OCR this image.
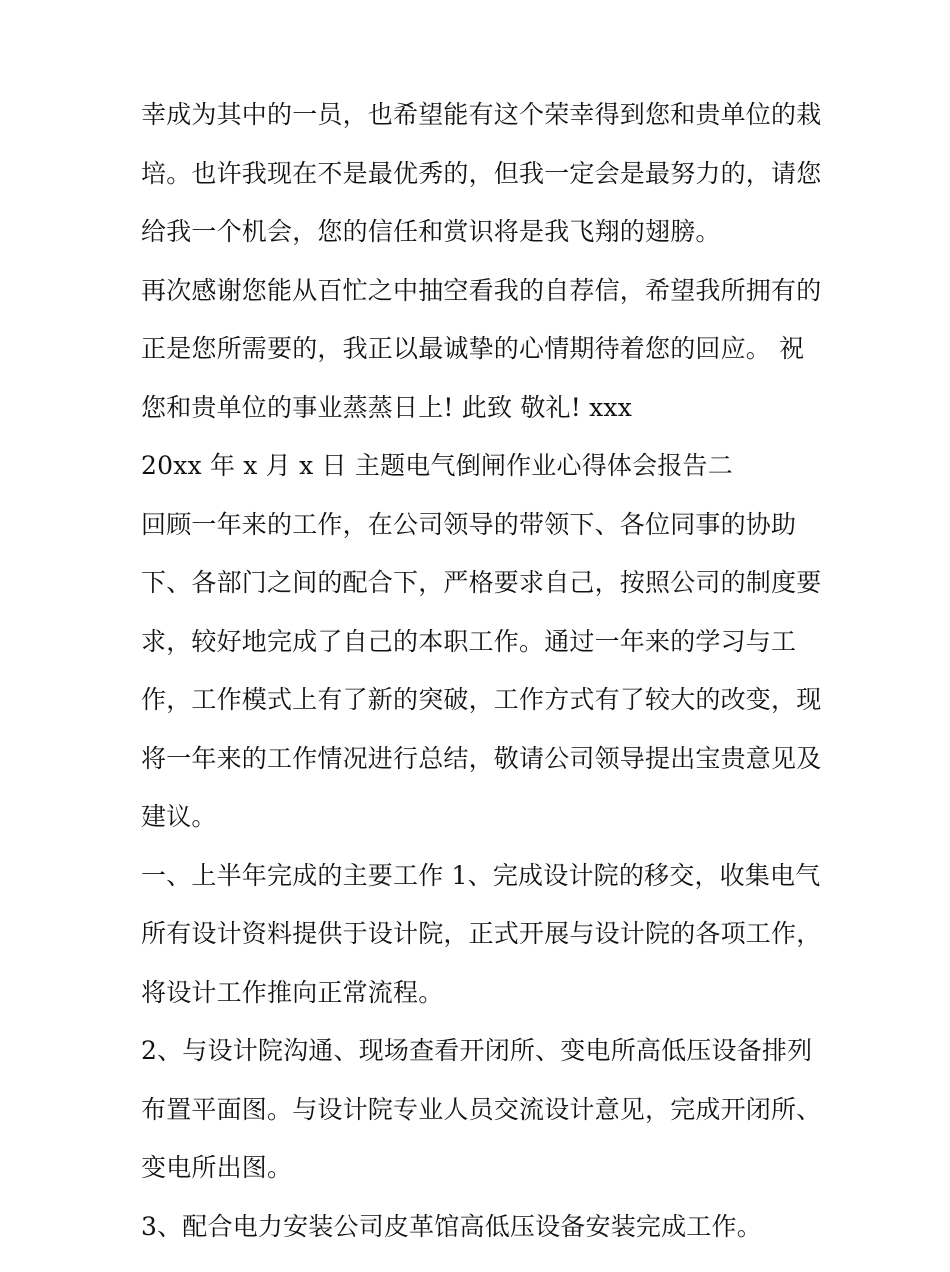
幸成为其中的一员，也希望能有这个荣幸得到您和贵单位的栽
培。也许我现在不是最优秀的，但我一定会是最努力的，请您
给我一个机会，您的信任和赏识将是我飞翔的翅膀。
再次感谢您能从百忙之中抽空看我的自荐信，希望我所拥有的
正是您所需要的，我正以最诚挚的心情期待着您的回应。 祝
您和贵单位的事业蒸蒸日上! 此致 敬礼! xxx
20xx 年 x 月 x 日 主题电气倒闸作业心得体会报告二
回顾一年来的工作，在公司领导的带领下、各位同事的协助
下、各部门之间的配合下，严格要求自己，按照公司的制度要
求，较好地完成了自己的本职工作。通过一年来的学习与工
作，工作模式上有了新的突破，工作方式有了较大的改变，现
将一年来的工作情况进行总结，敬请公司领导提出宝贵意见及
建议。
一、上半年完成的主要工作 1、完成设计院的移交，收集电气
所有设计资料提供于设计院，正式开展与设计院的各项工作，
将设计工作推向正常流程。
2、与设计院沟通、现场查看开闭所、变电所高低压设备排列
布置平面图。与设计院专业人员交流设计意见，完成开闭所、
变电所出图。
3、配合电力安装公司皮革馆高低压设备安装完成工作。
